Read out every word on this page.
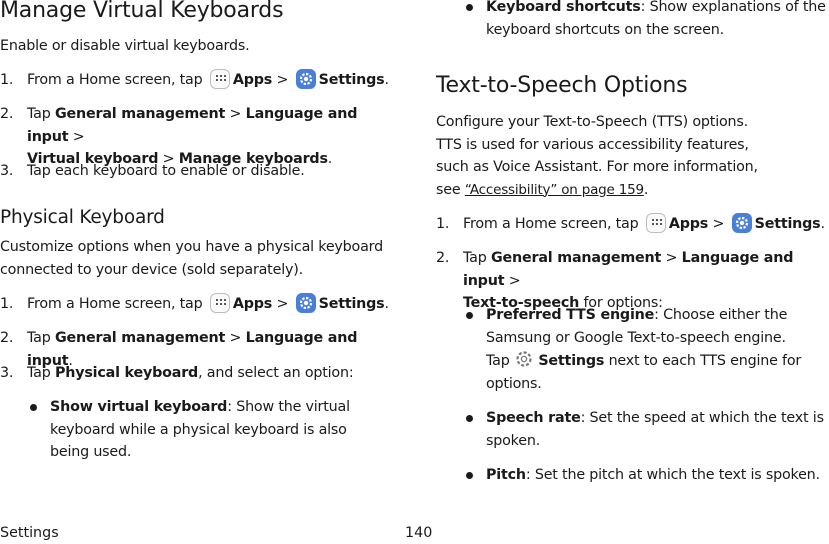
Manage Virtual Keyboards
Enable or disable virtual keyboards.
1. From a Home screen, tap Apps > Settings.
2. Tap General management > Language and input >
Virtual keyboard > Manage keyboards.
3. Tap each keyboard to enable or disable.
Physical Keyboard
Customize options when you have a physical keyboard connected to your device (sold separately).
1. From a Home screen, tap Apps > Settings.
2. Tap General management > Language and input.
3. Tap Physical keyboard, and select an option:
Show virtual keyboard: Show the virtual keyboard while a physical keyboard is also being used.
Keyboard shortcuts: Show explanations of the keyboard shortcuts on the screen.
Text-to-Speech Options
Configure your Text-to-Speech (TTS) options.
TTS is used for various accessibility features,
such as Voice Assistant. For more information,
see “Accessibility” on page 159.
1. From a Home screen, tap Apps > Settings.
2. Tap General management > Language and input >
Text-to-speech for options:
Preferred TTS engine: Choose either the Samsung or Google Text-to-speech engine.
Tap Settings next to each TTS engine for options.
Speech rate: Set the speed at which the text is spoken.
Pitch: Set the pitch at which the text is spoken.
Settings	140
